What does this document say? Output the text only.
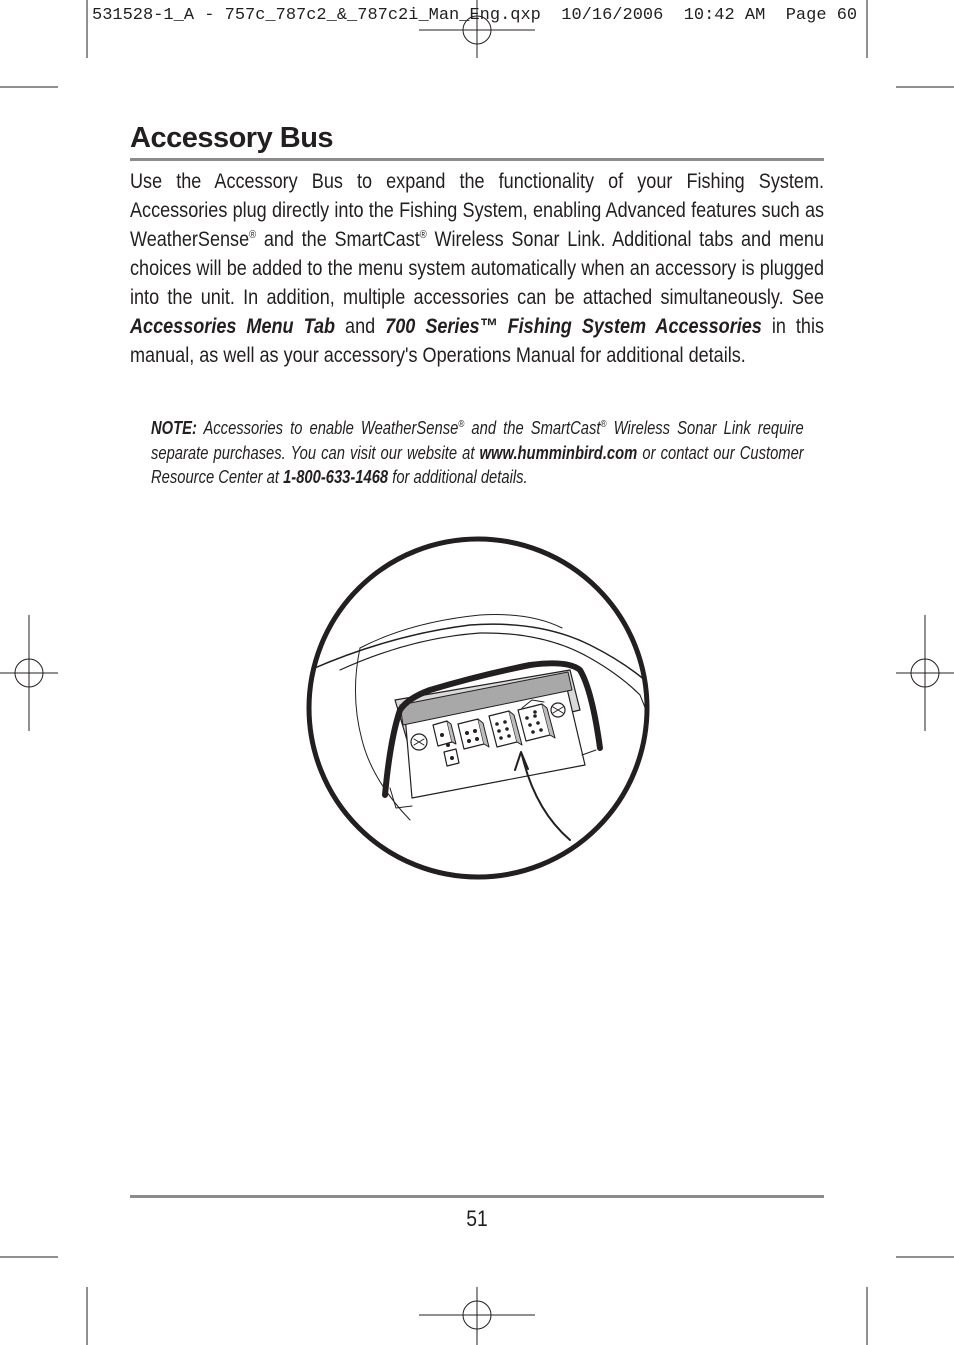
531528-1_A - 757c_787c2_&_787c2i_Man_Eng.qxp  10/16/2006  10:42 AM  Page 60
Accessory Bus

Use the Accessory Bus to expand the functionality of your Fishing System. Accessories plug directly into the Fishing System, enabling Advanced features such as WeatherSense® and the SmartCast® Wireless Sonar Link. Additional tabs and menu choices will be added to the menu system automatically when an accessory is plugged into the unit. In addition, multiple accessories can be attached simultaneously. See Accessories Menu Tab and 700 Series™ Fishing System Accessories in this manual, as well as your accessory's Operations Manual for additional details.

NOTE: Accessories to enable WeatherSense® and the SmartCast® Wireless Sonar Link require separate purchases. You can visit our website at www.humminbird.com or contact our Customer Resource Center at 1-800-633-1468 for additional details.

51
